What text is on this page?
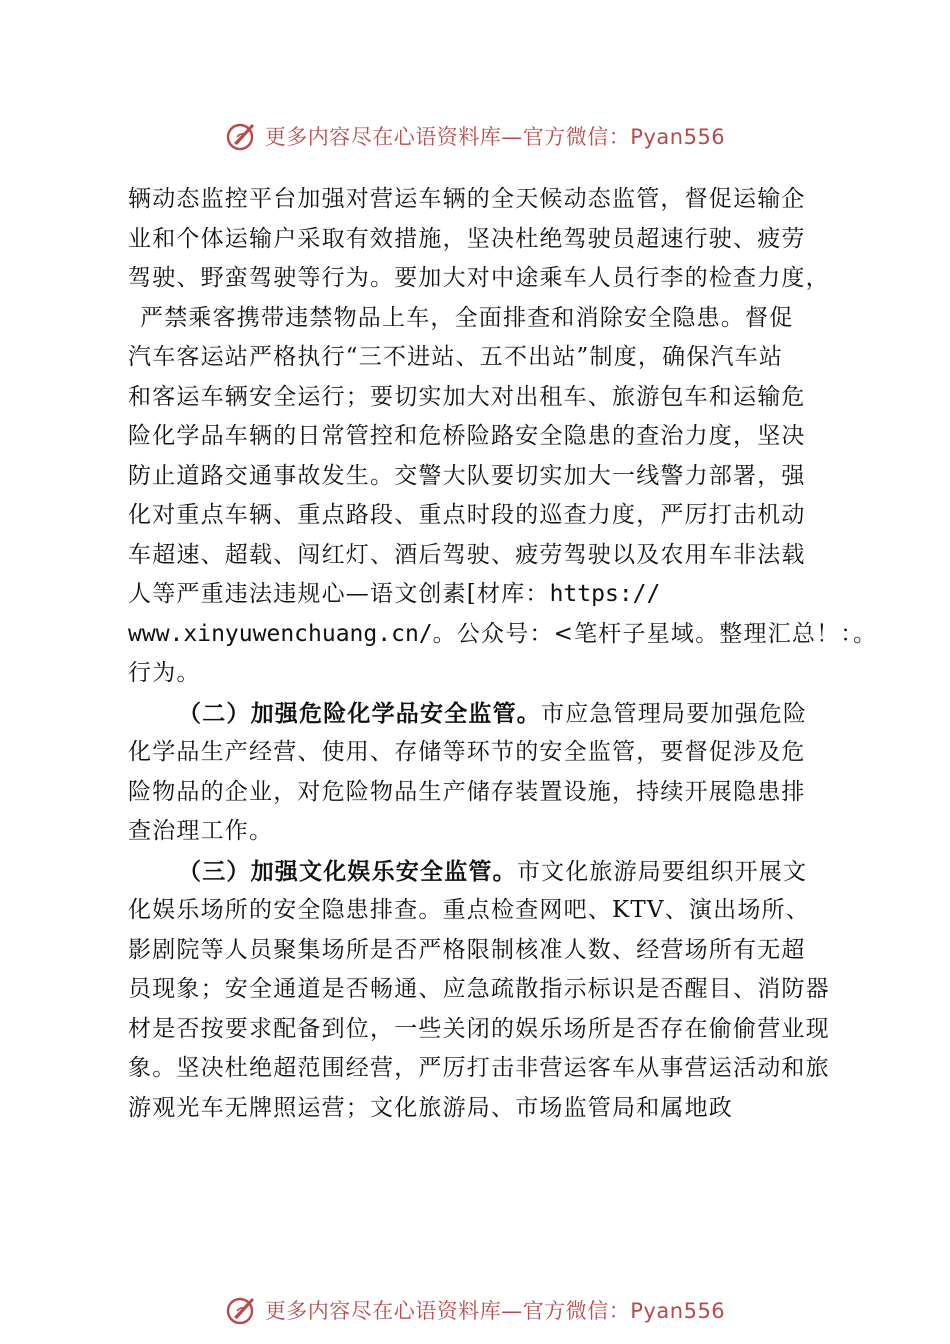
更多内容尽在心语资料库—官方微信：Pyan556
辆动态监控平台加强对营运车辆的全天候动态监管，督促运输企
业和个体运输户采取有效措施，坚决杜绝驾驶员超速行驶、疲劳
驾驶、野蛮驾驶等行为。要加大对中途乘车人员行李的检查力度，
严禁乘客携带违禁物品上车，全面排查和消除安全隐患。督促
汽车客运站严格执行“三不进站、五不出站”制度，确保汽车站
和客运车辆安全运行；要切实加大对出租车、旅游包车和运输危
险化学品车辆的日常管控和危桥险路安全隐患的查治力度，坚决
防止道路交通事故发生。交警大队要切实加大一线警力部署，强
化对重点车辆、重点路段、重点时段的巡查力度，严厉打击机动
车超速、超载、闯红灯、酒后驾驶、疲劳驾驶以及农用车非法载
人等严重违法违规心—语文创素[材库：https://
www.xinyuwenchuang.cn/。公众号：<笔杆子星域。整理汇总！：。
行为。
（二）加强危险化学品安全监管。市应急管理局要加强危险
化学品生产经营、使用、存储等环节的安全监管，要督促涉及危
险物品的企业，对危险物品生产储存装置设施，持续开展隐患排
查治理工作。
（三）加强文化娱乐安全监管。市文化旅游局要组织开展文
化娱乐场所的安全隐患排查。重点检查网吧、KTV、演出场所、
影剧院等人员聚集场所是否严格限制核准人数、经营场所有无超
员现象；安全通道是否畅通、应急疏散指示标识是否醒目、消防器
材是否按要求配备到位，一些关闭的娱乐场所是否存在偷偷营业现
象。坚决杜绝超范围经营，严厉打击非营运客车从事营运活动和旅
游观光车无牌照运营；文化旅游局、市场监管局和属地政
更多内容尽在心语资料库—官方微信：Pyan556
